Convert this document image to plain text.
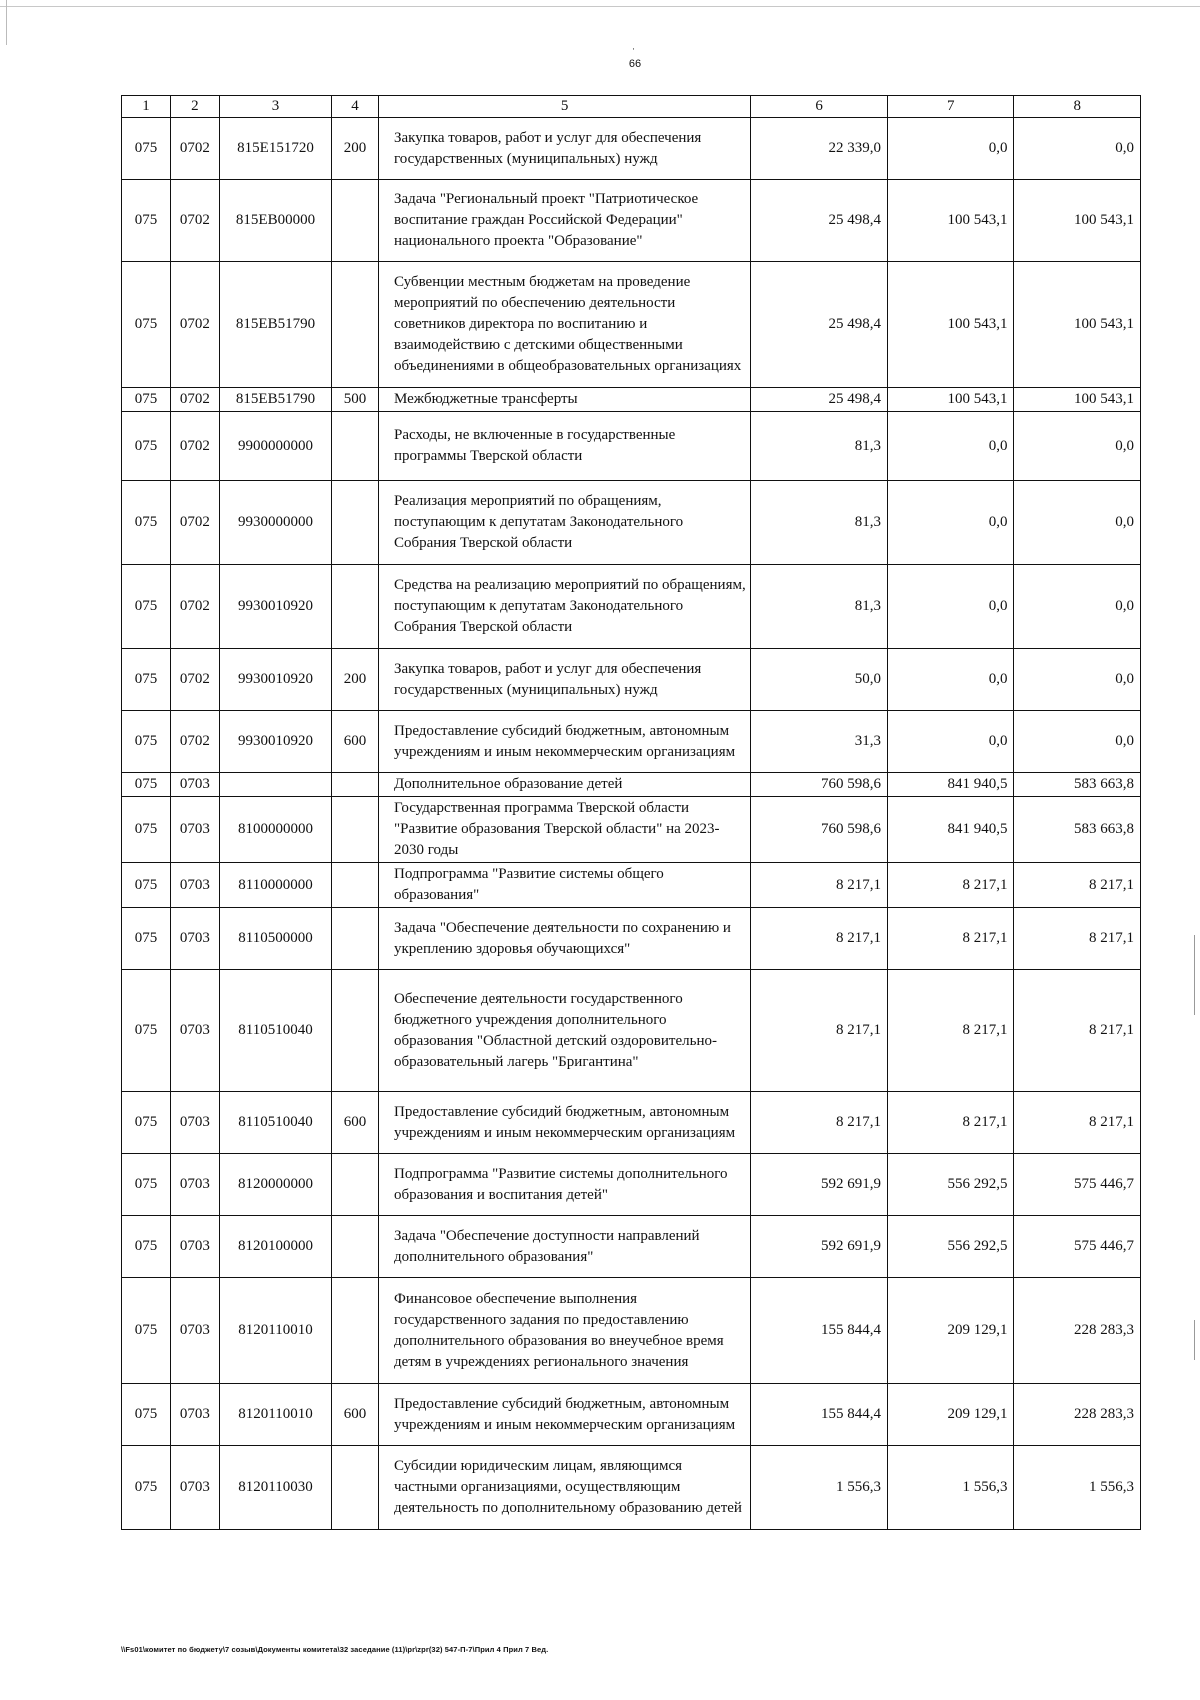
·
66
1	2	3	4	5	6	7	8
075	0702	815E151720	200	Закупка товаров, работ и услуг для обеспечения государственных (муниципальных) нужд	22 339,0	0,0	0,0
075	0702	815EB00000		Задача "Региональный проект "Патриотическое воспитание граждан Российской Федерации" национального проекта "Образование"	25 498,4	100 543,1	100 543,1
075	0702	815EB51790		Субвенции местным бюджетам на проведение мероприятий по обеспечению деятельности советников директора по воспитанию и взаимодействию с детскими общественными объединениями в общеобразовательных организациях	25 498,4	100 543,1	100 543,1
075	0702	815EB51790	500	Межбюджетные трансферты	25 498,4	100 543,1	100 543,1
075	0702	9900000000		Расходы, не включенные в государственные программы Тверской области	81,3	0,0	0,0
075	0702	9930000000		Реализация мероприятий по обращениям, поступающим к депутатам Законодательного Собрания Тверской области	81,3	0,0	0,0
075	0702	9930010920		Средства на реализацию мероприятий по обращениям, поступающим к депутатам Законодательного Собрания Тверской области	81,3	0,0	0,0
075	0702	9930010920	200	Закупка товаров, работ и услуг для обеспечения государственных (муниципальных) нужд	50,0	0,0	0,0
075	0702	9930010920	600	Предоставление субсидий бюджетным, автономным учреждениям и иным некоммерческим организациям	31,3	0,0	0,0
075	0703			Дополнительное образование детей	760 598,6	841 940,5	583 663,8
075	0703	8100000000		Государственная программа Тверской области "Развитие образования Тверской области" на 2023-2030 годы	760 598,6	841 940,5	583 663,8
075	0703	8110000000		Подпрограмма "Развитие системы общего образования"	8 217,1	8 217,1	8 217,1
075	0703	8110500000		Задача "Обеспечение деятельности по сохранению и укреплению здоровья обучающихся"	8 217,1	8 217,1	8 217,1
075	0703	8110510040		Обеспечение деятельности государственного бюджетного учреждения дополнительного образования "Областной детский оздоровительно-образовательный лагерь "Бригантина"	8 217,1	8 217,1	8 217,1
075	0703	8110510040	600	Предоставление субсидий бюджетным, автономным учреждениям и иным некоммерческим организациям	8 217,1	8 217,1	8 217,1
075	0703	8120000000		Подпрограмма "Развитие системы дополнительного образования и воспитания детей"	592 691,9	556 292,5	575 446,7
075	0703	8120100000		Задача "Обеспечение доступности направлений дополнительного образования"	592 691,9	556 292,5	575 446,7
075	0703	8120110010		Финансовое обеспечение выполнения государственного задания по предоставлению дополнительного образования во внеучебное время детям в учреждениях регионального значения	155 844,4	209 129,1	228 283,3
075	0703	8120110010	600	Предоставление субсидий бюджетным, автономным учреждениям и иным некоммерческим организациям	155 844,4	209 129,1	228 283,3
075	0703	8120110030		Субсидии юридическим лицам, являющимся частными организациями, осуществляющим деятельность по дополнительному образованию детей	1 556,3	1 556,3	1 556,3
\\Fs01\комитет по бюджету\7 созыв\Документы комитета\32 заседание (11)\pr\zpr(32) 547-П-7\Прил 4 Прил 7 Вед.
